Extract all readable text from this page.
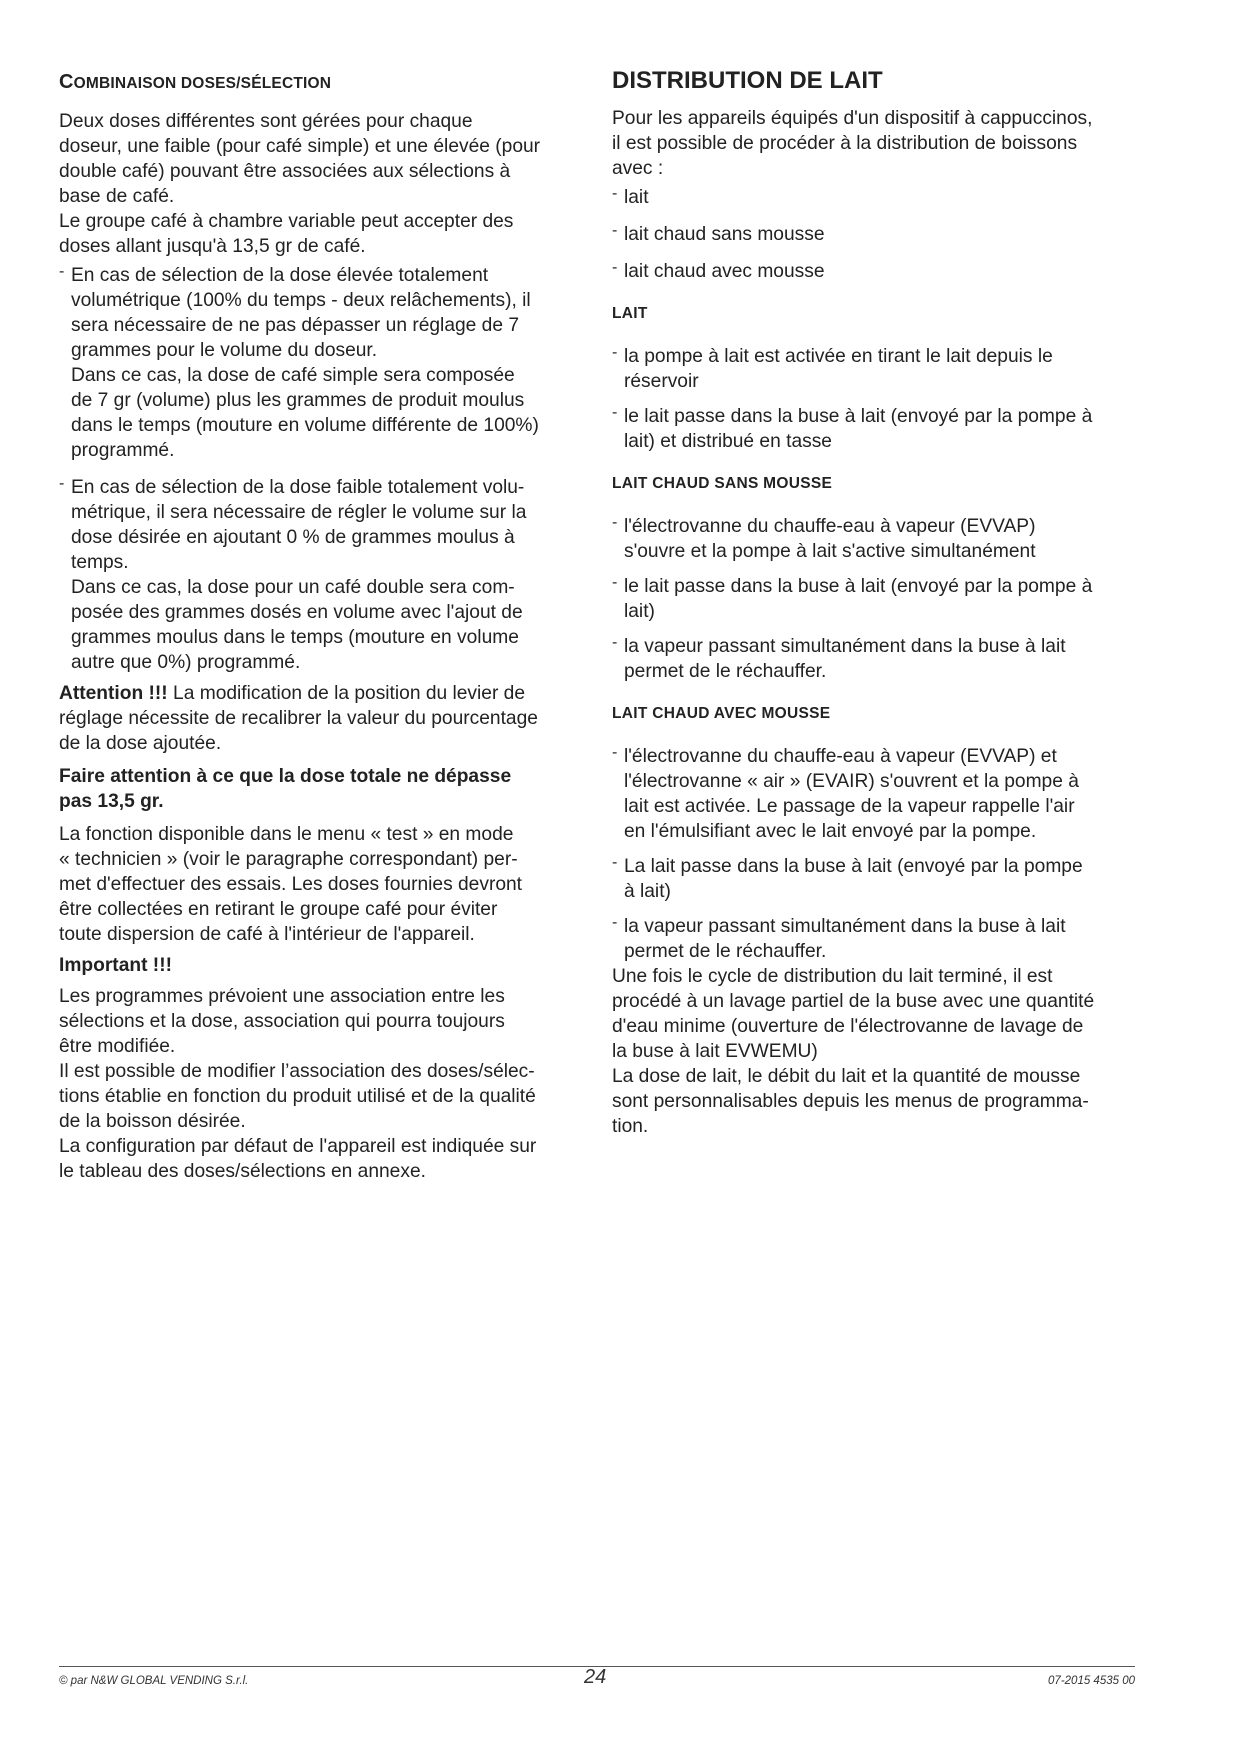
COMBINAISON DOSES/SÉLECTION

Deux doses différentes sont gérées pour chaque

doseur, une faible (pour café simple) et une élevée (pour

double café) pouvant être associées aux sélections à

base de café.

Le groupe café à chambre variable peut accepter des

doses allant jusqu'à 13,5 gr de café.

- En cas de sélection de la dose élevée totalement

volumétrique (100% du temps - deux relâchements), il

sera nécessaire de ne pas dépasser un réglage de 7

grammes pour le volume du doseur.

Dans ce cas, la dose de café simple sera composée

de 7 gr (volume) plus les grammes de produit moulus

dans le temps (mouture en volume différente de 100%)

programmé.

- En cas de sélection de la dose faible totalement volu-

métrique, il sera nécessaire de régler le volume sur la

dose désirée en ajoutant 0 % de grammes moulus à

temps.

Dans ce cas, la dose pour un café double sera com-

posée des grammes dosés en volume avec l'ajout de

grammes moulus dans le temps (mouture en volume

autre que 0%) programmé.

Attention !!! La modification de la position du levier de

réglage nécessite de recalibrer la valeur du pourcentage

de la dose ajoutée.

Faire attention à ce que la dose totale ne dépasse

pas 13,5 gr.

La fonction disponible dans le menu « test » en mode

« technicien » (voir le paragraphe correspondant) per-

met d'effectuer des essais. Les doses fournies devront

être collectées en retirant le groupe café pour éviter

toute dispersion de café à l'intérieur de l'appareil.

Important !!!

Les programmes prévoient une association entre les

sélections et la dose, association qui pourra toujours

être modifiée.

Il est possible de modifier l’association des doses/sélec-

tions établie en fonction du produit utilisé et de la qualité

de la boisson désirée.

La configuration par défaut de l'appareil est indiquée sur

le tableau des doses/sélections en annexe.

DISTRIBUTION DE LAIT

Pour les appareils équipés d'un dispositif à cappuccinos,

il est possible de procéder à la distribution de boissons

avec :

- lait

- lait chaud sans mousse

- lait chaud avec mousse

LAIT
- la pompe à lait est activée en tirant le lait depuis le

réservoir

- le lait passe dans la buse à lait (envoyé par la pompe à

lait) et distribué en tasse

LAIT CHAUD SANS MOUSSE
- l'électrovanne du chauffe-eau à vapeur (EVVAP)

s'ouvre et la pompe à lait s'active simultanément

- le lait passe dans la buse à lait (envoyé par la pompe à

lait)

- la vapeur passant simultanément dans la buse à lait

permet de le réchauffer.

LAIT CHAUD AVEC MOUSSE
- l'électrovanne du chauffe-eau à vapeur (EVVAP) et

l'électrovanne « air » (EVAIR) s'ouvrent et la pompe à

lait est activée. Le passage de la vapeur rappelle l'air

en l'émulsifiant avec le lait envoyé par la pompe.

- La lait passe dans la buse à lait (envoyé par la pompe

à lait)

- la vapeur passant simultanément dans la buse à lait

permet de le réchauffer.

Une fois le cycle de distribution du lait terminé, il est

procédé à un lavage partiel de la buse avec une quantité

d'eau minime (ouverture de l'électrovanne de lavage de

la buse à lait EVWEMU)

La dose de lait, le débit du lait et la quantité de mousse

sont personnalisables depuis les menus de programma-

tion.

© par N&W GLOBAL VENDING S.r.l.	24	07-2015 4535 00
